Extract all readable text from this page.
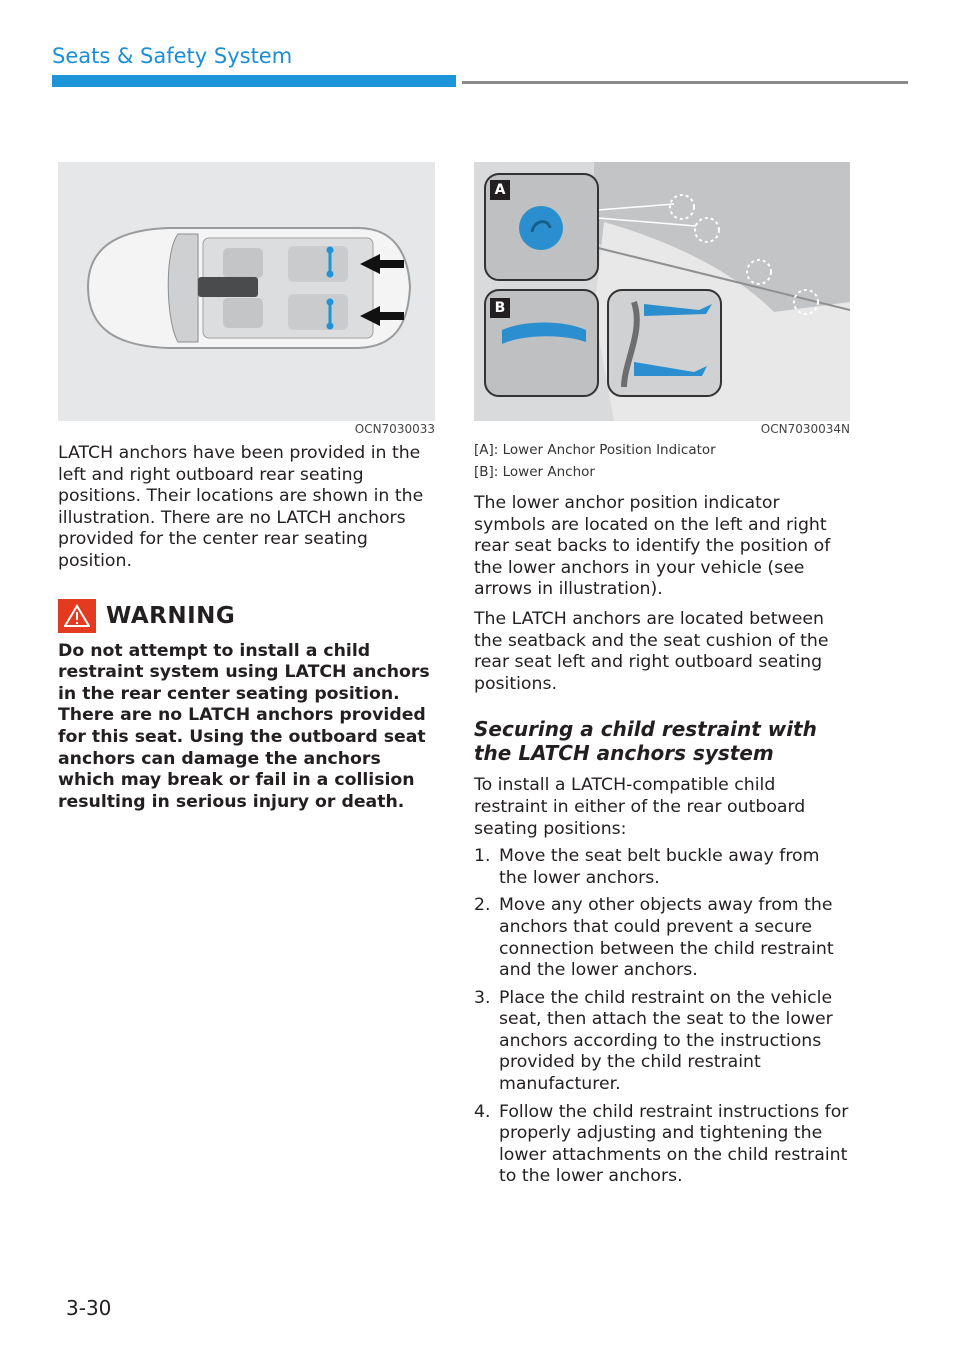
Seats & Safety System
OCN7030033

LATCH anchors have been provided in the left and right outboard rear seating positions. Their locations are shown in the illustration. There are no LATCH anchors provided for the center rear seating position.

WARNING

Do not attempt to install a child restraint system using LATCH anchors in the rear center seating position. There are no LATCH anchors provided for this seat. Using the outboard seat anchors can damage the anchors which may break or fail in a collision resulting in serious injury or death.

A
B
OCN7030034N

[A]: Lower Anchor Position Indicator
[B]: Lower Anchor

The lower anchor position indicator symbols are located on the left and right rear seat backs to identify the position of the lower anchors in your vehicle (see arrows in illustration).

The LATCH anchors are located between the seatback and the seat cushion of the rear seat left and right outboard seating positions.

Securing a child restraint with the LATCH anchors system

To install a LATCH-compatible child restraint in either of the rear outboard seating positions:

1. Move the seat belt buckle away from the lower anchors.
2. Move any other objects away from the anchors that could prevent a secure connection between the child restraint and the lower anchors.
3. Place the child restraint on the vehicle seat, then attach the seat to the lower anchors according to the instructions provided by the child restraint manufacturer.
4. Follow the child restraint instructions for properly adjusting and tightening the lower attachments on the child restraint to the lower anchors.

3-30
